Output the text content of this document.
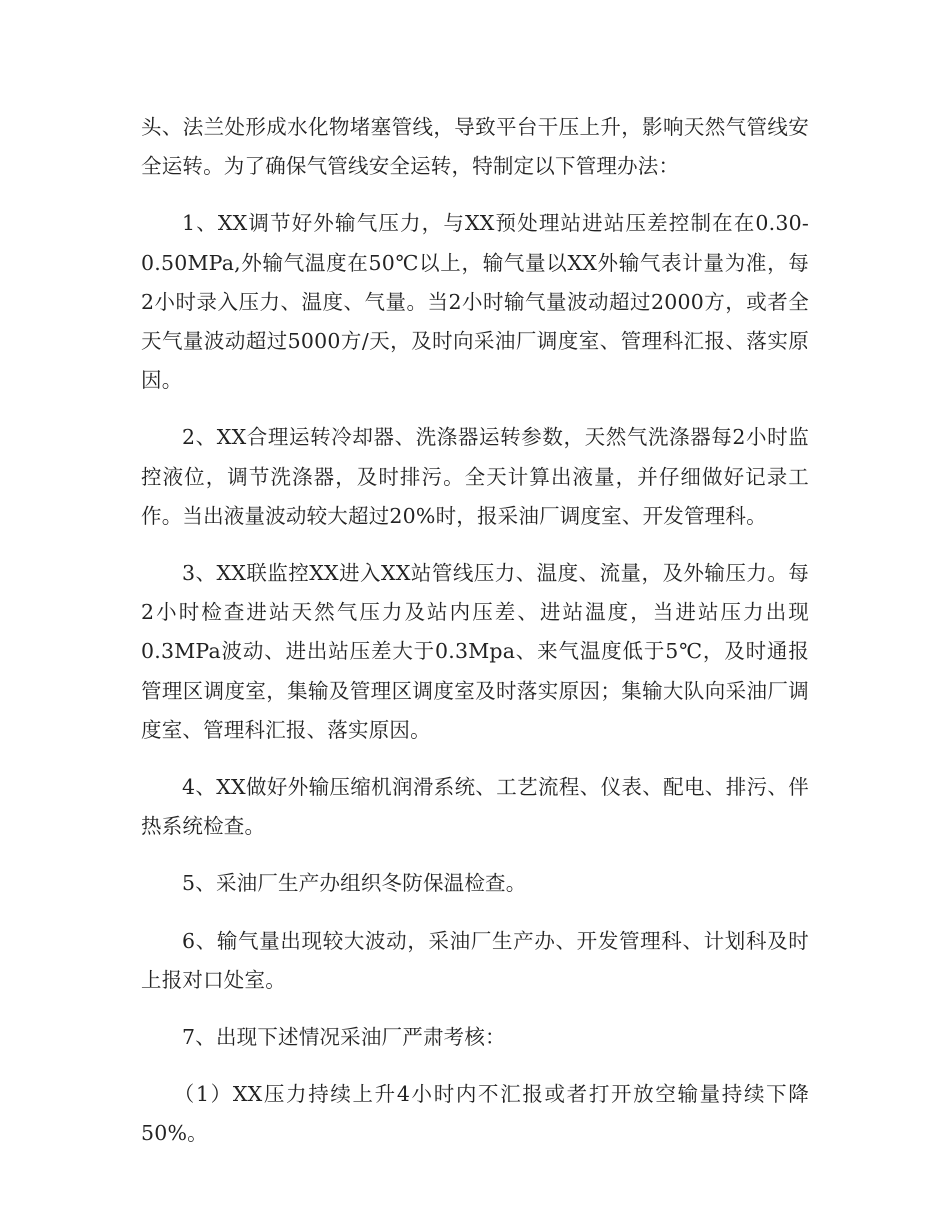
头、法兰处形成水化物堵塞管线，导致平台干压上升，影响天然气管线安全运转。为了确保气管线安全运转，特制定以下管理办法：

1、XX调节好外输气压力，与XX预处理站进站压差控制在在0.30-0.50MPa,外输气温度在50℃以上，输气量以XX外输气表计量为准，每2小时录入压力、温度、气量。当2小时输气量波动超过2000方，或者全天气量波动超过5000方/天，及时向采油厂调度室、管理科汇报、落实原因。

2、XX合理运转冷却器、洗涤器运转参数，天然气洗涤器每2小时监控液位，调节洗涤器，及时排污。全天计算出液量，并仔细做好记录工作。当出液量波动较大超过20%时，报采油厂调度室、开发管理科。

3、XX联监控XX进入XX站管线压力、温度、流量，及外输压力。每2小时检查进站天然气压力及站内压差、进站温度，当进站压力出现0.3MPa波动、进出站压差大于0.3Mpa、来气温度低于5℃，及时通报管理区调度室，集输及管理区调度室及时落实原因；集输大队向采油厂调度室、管理科汇报、落实原因。

4、XX做好外输压缩机润滑系统、工艺流程、仪表、配电、排污、伴热系统检查。

5、采油厂生产办组织冬防保温检查。

6、输气量出现较大波动，采油厂生产办、开发管理科、计划科及时上报对口处室。

7、出现下述情况采油厂严肃考核：

（1）XX压力持续上升4小时内不汇报或者打开放空输量持续下降50%。
